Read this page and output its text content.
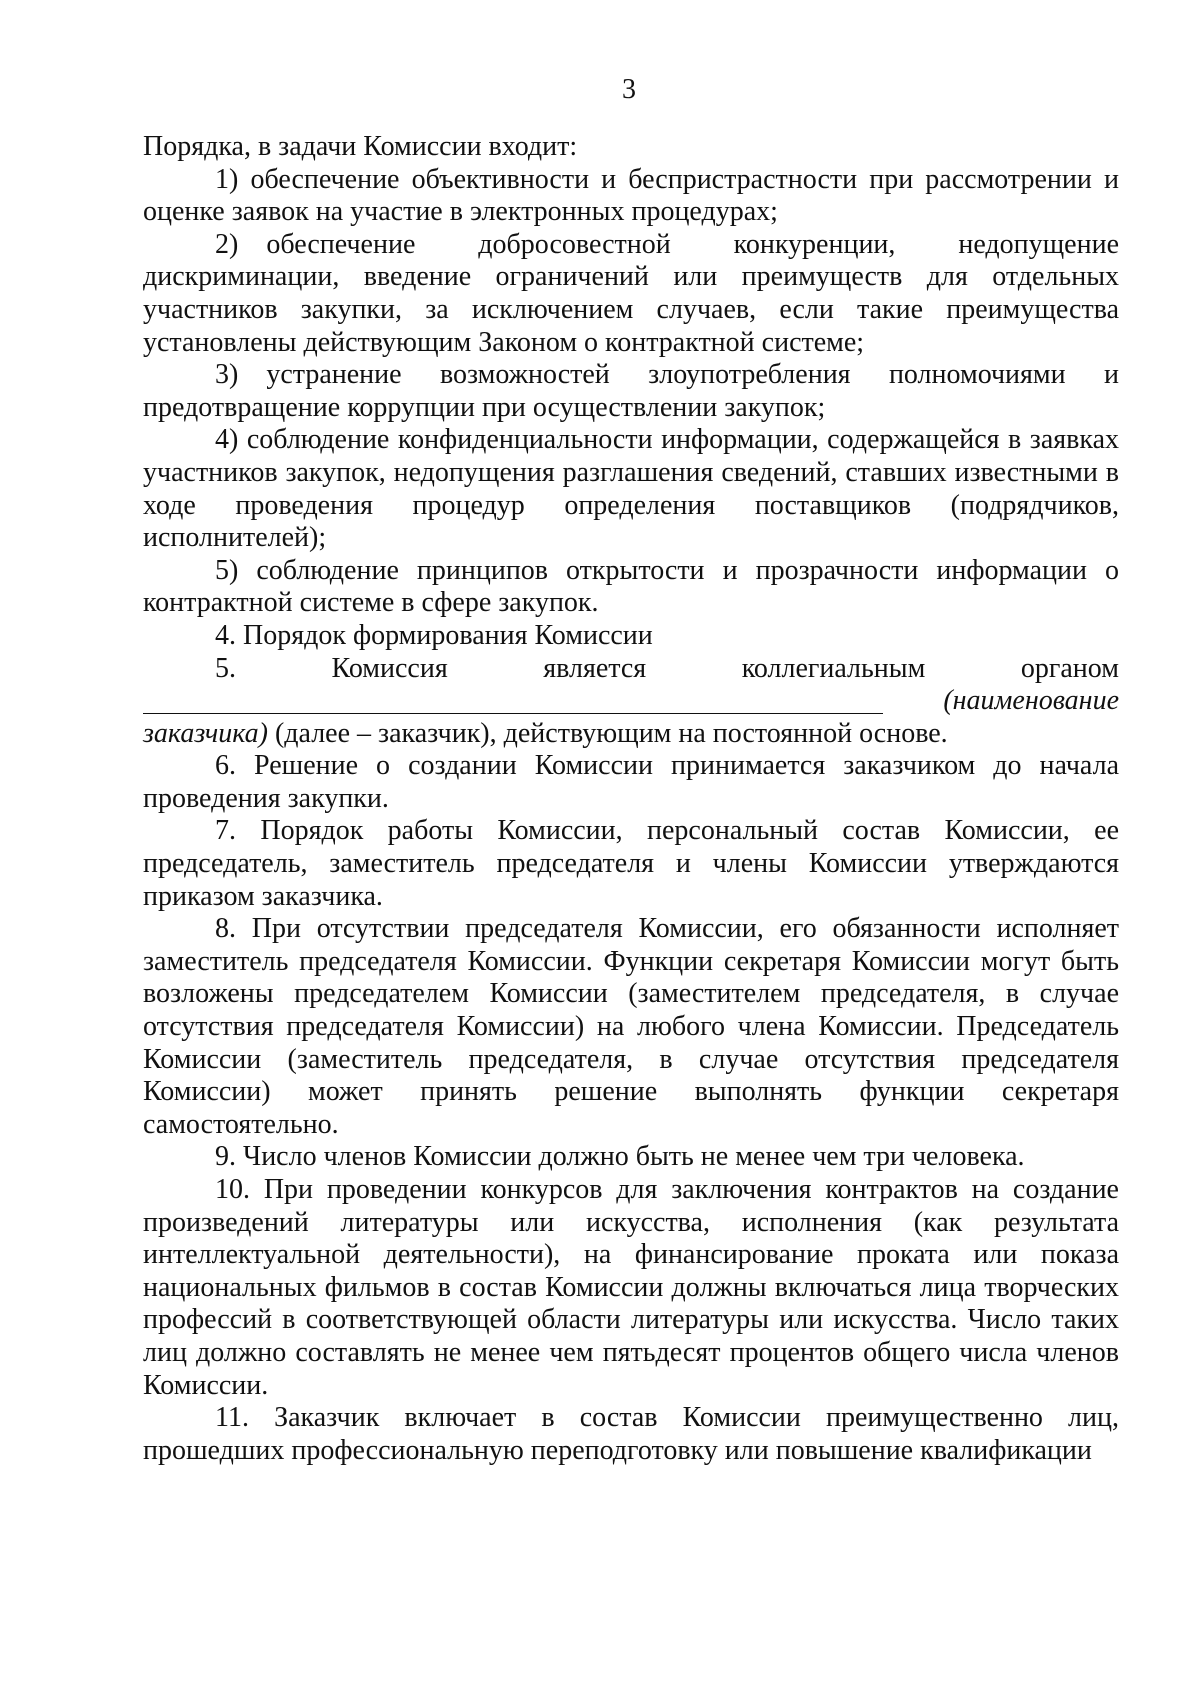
3

Порядка, в задачи Комиссии входит:

1) обеспечение объективности и беспристрастности при рассмотрении и оценке заявок на участие в электронных процедурах;

2) обеспечение добросовестной конкуренции, недопущение дискриминации, введение ограничений или преимуществ для отдельных участников закупки, за исключением случаев, если такие преимущества установлены действующим Законом о контрактной системе;

3) устранение возможностей злоупотребления полномочиями и предотвращение коррупции при осуществлении закупок;

4) соблюдение конфиденциальности информации, содержащейся в заявках участников закупок, недопущения разглашения сведений, ставших известными в ходе проведения процедур определения поставщиков (подрядчиков, исполнителей);

5) соблюдение принципов открытости и прозрачности информации о контрактной системе в сфере закупок.

4. Порядок формирования Комиссии

5.	Комиссия	является	коллегиальным	органом
(наименование

заказчика) (далее – заказчик), действующим на постоянной основе.

6. Решение о создании Комиссии принимается заказчиком до начала проведения закупки.

7. Порядок работы Комиссии, персональный состав Комиссии, ее председатель, заместитель председателя и члены Комиссии утверждаются приказом заказчика.

8. При отсутствии председателя Комиссии, его обязанности исполняет заместитель председателя Комиссии. Функции секретаря Комиссии могут быть возложены председателем Комиссии (заместителем председателя, в случае отсутствия председателя Комиссии) на любого члена Комиссии. Председатель Комиссии (заместитель председателя, в случае отсутствия председателя Комиссии) может принять решение выполнять функции секретаря самостоятельно.

9. Число членов Комиссии должно быть не менее чем три человека.

10. При проведении конкурсов для заключения контрактов на создание произведений литературы или искусства, исполнения (как результата интеллектуальной деятельности), на финансирование проката или показа национальных фильмов в состав Комиссии должны включаться лица творческих профессий в соответствующей области литературы или искусства. Число таких лиц должно составлять не менее чем пятьдесят процентов общего числа членов Комиссии.

11. Заказчик включает в состав Комиссии преимущественно лиц, прошедших профессиональную переподготовку или повышение квалификации
